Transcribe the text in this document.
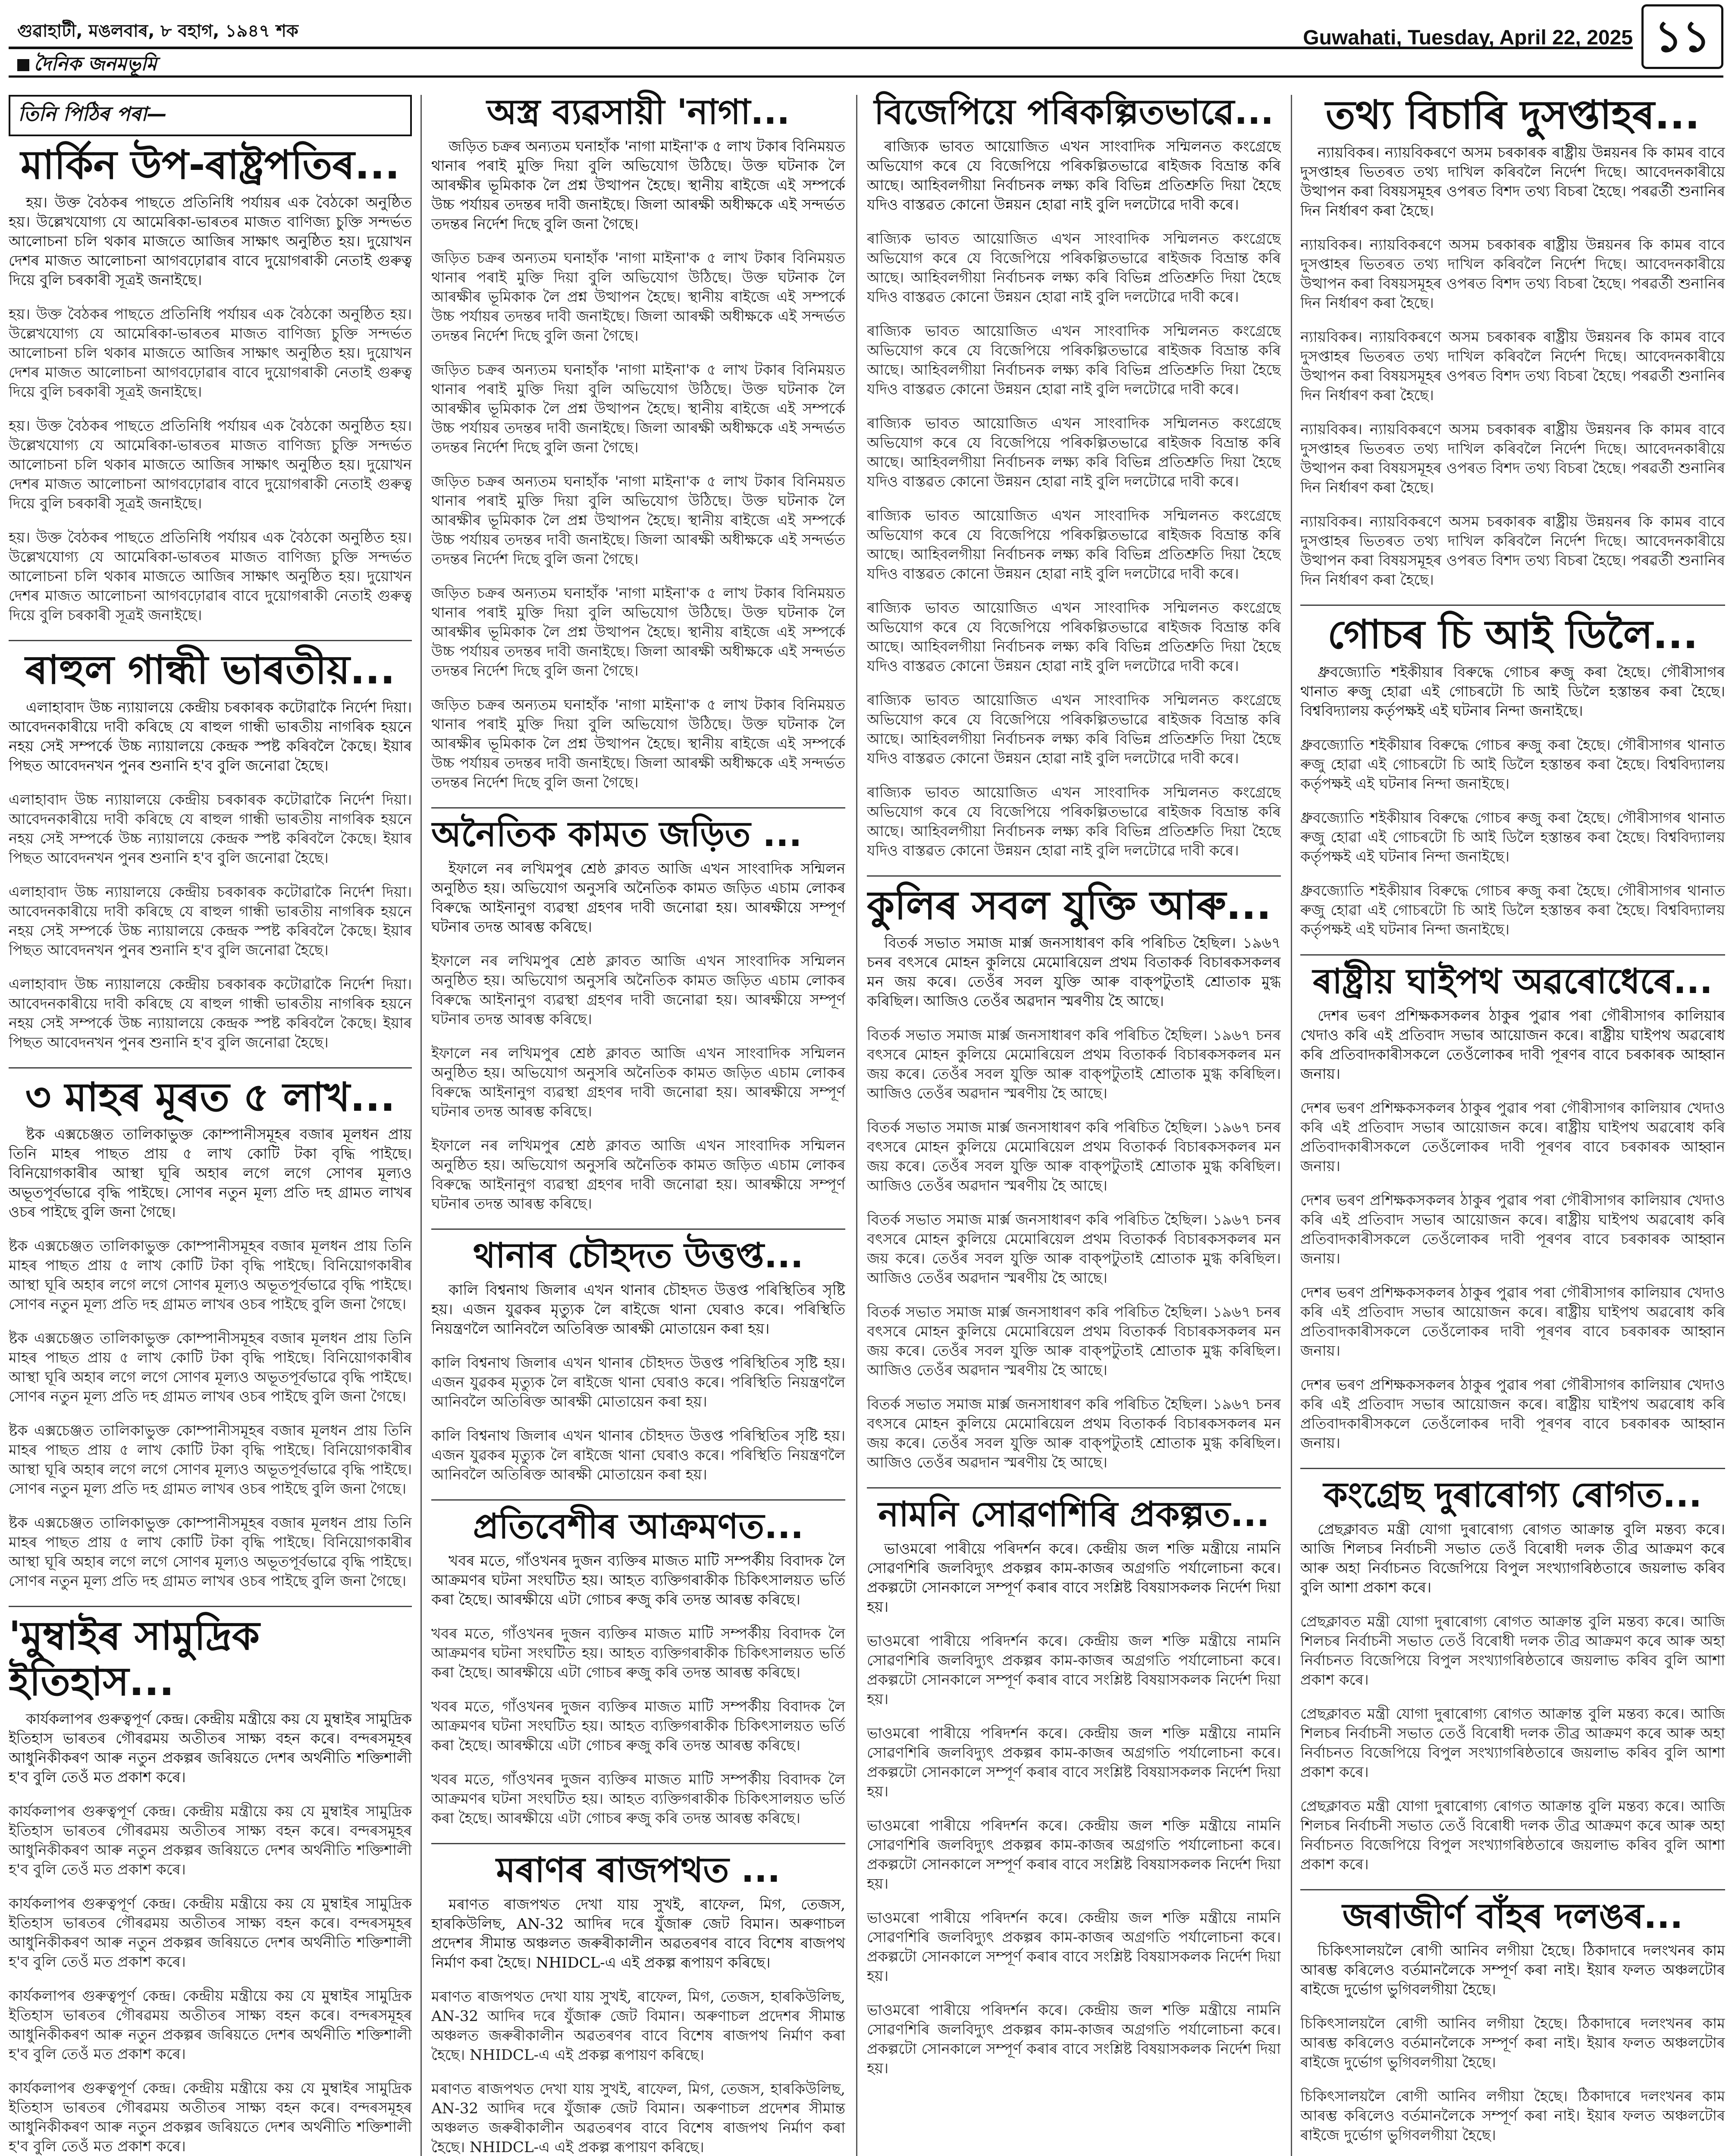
গুৱাহাটী, মঙলবাৰ, ৮ বহাগ, ১৯৪৭ শক	Guwahati, Tuesday, April 22, 2025 ১১
দৈনিক জনমভূমি
তিনি পিঠিৰ পৰা—
মাৰ্কিন উপ-ৰাষ্ট্ৰপতিৰ...

হয়। উক্ত বৈঠকৰ পাছতে প্ৰতিনিধি পৰ্যায়ৰ এক বৈঠকো অনুষ্ঠিত হয়। উল্লেখযোগ্য যে আমেৰিকা-ভাৰতৰ মাজত বাণিজ্য চুক্তি সন্দৰ্ভত আলোচনা চলি থকাৰ মাজতে আজিৰ সাক্ষাৎ অনুষ্ঠিত হয়। দুয়োখন দেশৰ মাজত আলোচনা আগবঢ়োৱাৰ বাবে দুয়োগৰাকী নেতাই গুৰুত্ব দিয়ে বুলি চৰকাৰী সূত্ৰই জনাইছে।

হয়। উক্ত বৈঠকৰ পাছতে প্ৰতিনিধি পৰ্যায়ৰ এক বৈঠকো অনুষ্ঠিত হয়। উল্লেখযোগ্য যে আমেৰিকা-ভাৰতৰ মাজত বাণিজ্য চুক্তি সন্দৰ্ভত আলোচনা চলি থকাৰ মাজতে আজিৰ সাক্ষাৎ অনুষ্ঠিত হয়। দুয়োখন দেশৰ মাজত আলোচনা আগবঢ়োৱাৰ বাবে দুয়োগৰাকী নেতাই গুৰুত্ব দিয়ে বুলি চৰকাৰী সূত্ৰই জনাইছে।

হয়। উক্ত বৈঠকৰ পাছতে প্ৰতিনিধি পৰ্যায়ৰ এক বৈঠকো অনুষ্ঠিত হয়। উল্লেখযোগ্য যে আমেৰিকা-ভাৰতৰ মাজত বাণিজ্য চুক্তি সন্দৰ্ভত আলোচনা চলি থকাৰ মাজতে আজিৰ সাক্ষাৎ অনুষ্ঠিত হয়। দুয়োখন দেশৰ মাজত আলোচনা আগবঢ়োৱাৰ বাবে দুয়োগৰাকী নেতাই গুৰুত্ব দিয়ে বুলি চৰকাৰী সূত্ৰই জনাইছে।

হয়। উক্ত বৈঠকৰ পাছতে প্ৰতিনিধি পৰ্যায়ৰ এক বৈঠকো অনুষ্ঠিত হয়। উল্লেখযোগ্য যে আমেৰিকা-ভাৰতৰ মাজত বাণিজ্য চুক্তি সন্দৰ্ভত আলোচনা চলি থকাৰ মাজতে আজিৰ সাক্ষাৎ অনুষ্ঠিত হয়। দুয়োখন দেশৰ মাজত আলোচনা আগবঢ়োৱাৰ বাবে দুয়োগৰাকী নেতাই গুৰুত্ব দিয়ে বুলি চৰকাৰী সূত্ৰই জনাইছে।

ৰাহুল গান্ধী ভাৰতীয়...

এলাহাবাদ উচ্চ ন্যায়ালয়ে কেন্দ্ৰীয় চৰকাৰক কটোৱাকৈ নিৰ্দেশ দিয়া। আবেদনকাৰীয়ে দাবী কৰিছে যে ৰাহুল গান্ধী ভাৰতীয় নাগৰিক হয়নে নহয় সেই সম্পৰ্কে উচ্চ ন্যায়ালয়ে কেন্দ্ৰক স্পষ্ট কৰিবলৈ কৈছে। ইয়াৰ পিছত আবেদনখন পুনৰ শুনানি হ'ব বুলি জনোৱা হৈছে।

এলাহাবাদ উচ্চ ন্যায়ালয়ে কেন্দ্ৰীয় চৰকাৰক কটোৱাকৈ নিৰ্দেশ দিয়া। আবেদনকাৰীয়ে দাবী কৰিছে যে ৰাহুল গান্ধী ভাৰতীয় নাগৰিক হয়নে নহয় সেই সম্পৰ্কে উচ্চ ন্যায়ালয়ে কেন্দ্ৰক স্পষ্ট কৰিবলৈ কৈছে। ইয়াৰ পিছত আবেদনখন পুনৰ শুনানি হ'ব বুলি জনোৱা হৈছে।

এলাহাবাদ উচ্চ ন্যায়ালয়ে কেন্দ্ৰীয় চৰকাৰক কটোৱাকৈ নিৰ্দেশ দিয়া। আবেদনকাৰীয়ে দাবী কৰিছে যে ৰাহুল গান্ধী ভাৰতীয় নাগৰিক হয়নে নহয় সেই সম্পৰ্কে উচ্চ ন্যায়ালয়ে কেন্দ্ৰক স্পষ্ট কৰিবলৈ কৈছে। ইয়াৰ পিছত আবেদনখন পুনৰ শুনানি হ'ব বুলি জনোৱা হৈছে।

এলাহাবাদ উচ্চ ন্যায়ালয়ে কেন্দ্ৰীয় চৰকাৰক কটোৱাকৈ নিৰ্দেশ দিয়া। আবেদনকাৰীয়ে দাবী কৰিছে যে ৰাহুল গান্ধী ভাৰতীয় নাগৰিক হয়নে নহয় সেই সম্পৰ্কে উচ্চ ন্যায়ালয়ে কেন্দ্ৰক স্পষ্ট কৰিবলৈ কৈছে। ইয়াৰ পিছত আবেদনখন পুনৰ শুনানি হ'ব বুলি জনোৱা হৈছে।

৩ মাহৰ মূৰত ৫ লাখ...

ষ্টক এক্সচেঞ্জত তালিকাভুক্ত কোম্পানীসমূহৰ বজাৰ মূলধন প্ৰায় তিনি মাহৰ পাছত প্ৰায় ৫ লাখ কোটি টকা বৃদ্ধি পাইছে। বিনিয়োগকাৰীৰ আস্থা ঘূৰি অহাৰ লগে লগে সোণৰ মূল্যও অভূতপূৰ্বভাৱে বৃদ্ধি পাইছে। সোণৰ নতুন মূল্য প্ৰতি দহ গ্ৰামত লাখৰ ওচৰ পাইছে বুলি জনা গৈছে।

ষ্টক এক্সচেঞ্জত তালিকাভুক্ত কোম্পানীসমূহৰ বজাৰ মূলধন প্ৰায় তিনি মাহৰ পাছত প্ৰায় ৫ লাখ কোটি টকা বৃদ্ধি পাইছে। বিনিয়োগকাৰীৰ আস্থা ঘূৰি অহাৰ লগে লগে সোণৰ মূল্যও অভূতপূৰ্বভাৱে বৃদ্ধি পাইছে। সোণৰ নতুন মূল্য প্ৰতি দহ গ্ৰামত লাখৰ ওচৰ পাইছে বুলি জনা গৈছে।

ষ্টক এক্সচেঞ্জত তালিকাভুক্ত কোম্পানীসমূহৰ বজাৰ মূলধন প্ৰায় তিনি মাহৰ পাছত প্ৰায় ৫ লাখ কোটি টকা বৃদ্ধি পাইছে। বিনিয়োগকাৰীৰ আস্থা ঘূৰি অহাৰ লগে লগে সোণৰ মূল্যও অভূতপূৰ্বভাৱে বৃদ্ধি পাইছে। সোণৰ নতুন মূল্য প্ৰতি দহ গ্ৰামত লাখৰ ওচৰ পাইছে বুলি জনা গৈছে।

ষ্টক এক্সচেঞ্জত তালিকাভুক্ত কোম্পানীসমূহৰ বজাৰ মূলধন প্ৰায় তিনি মাহৰ পাছত প্ৰায় ৫ লাখ কোটি টকা বৃদ্ধি পাইছে। বিনিয়োগকাৰীৰ আস্থা ঘূৰি অহাৰ লগে লগে সোণৰ মূল্যও অভূতপূৰ্বভাৱে বৃদ্ধি পাইছে। সোণৰ নতুন মূল্য প্ৰতি দহ গ্ৰামত লাখৰ ওচৰ পাইছে বুলি জনা গৈছে।

ষ্টক এক্সচেঞ্জত তালিকাভুক্ত কোম্পানীসমূহৰ বজাৰ মূলধন প্ৰায় তিনি মাহৰ পাছত প্ৰায় ৫ লাখ কোটি টকা বৃদ্ধি পাইছে। বিনিয়োগকাৰীৰ আস্থা ঘূৰি অহাৰ লগে লগে সোণৰ মূল্যও অভূতপূৰ্বভাৱে বৃদ্ধি পাইছে। সোণৰ নতুন মূল্য প্ৰতি দহ গ্ৰামত লাখৰ ওচৰ পাইছে বুলি জনা গৈছে।

'মুম্বাইৰ সামুদ্ৰিক ইতিহাস...

কাৰ্যকলাপৰ গুৰুত্বপূৰ্ণ কেন্দ্ৰ। কেন্দ্ৰীয় মন্ত্ৰীয়ে কয় যে মুম্বাইৰ সামুদ্ৰিক ইতিহাস ভাৰতৰ গৌৰৱময় অতীতৰ সাক্ষ্য বহন কৰে। বন্দৰসমূহৰ আধুনিকীকৰণ আৰু নতুন প্ৰকল্পৰ জৰিয়তে দেশৰ অৰ্থনীতি শক্তিশালী হ'ব বুলি তেওঁ মত প্ৰকাশ কৰে।

কাৰ্যকলাপৰ গুৰুত্বপূৰ্ণ কেন্দ্ৰ। কেন্দ্ৰীয় মন্ত্ৰীয়ে কয় যে মুম্বাইৰ সামুদ্ৰিক ইতিহাস ভাৰতৰ গৌৰৱময় অতীতৰ সাক্ষ্য বহন কৰে। বন্দৰসমূহৰ আধুনিকীকৰণ আৰু নতুন প্ৰকল্পৰ জৰিয়তে দেশৰ অৰ্থনীতি শক্তিশালী হ'ব বুলি তেওঁ মত প্ৰকাশ কৰে।

কাৰ্যকলাপৰ গুৰুত্বপূৰ্ণ কেন্দ্ৰ। কেন্দ্ৰীয় মন্ত্ৰীয়ে কয় যে মুম্বাইৰ সামুদ্ৰিক ইতিহাস ভাৰতৰ গৌৰৱময় অতীতৰ সাক্ষ্য বহন কৰে। বন্দৰসমূহৰ আধুনিকীকৰণ আৰু নতুন প্ৰকল্পৰ জৰিয়তে দেশৰ অৰ্থনীতি শক্তিশালী হ'ব বুলি তেওঁ মত প্ৰকাশ কৰে।

কাৰ্যকলাপৰ গুৰুত্বপূৰ্ণ কেন্দ্ৰ। কেন্দ্ৰীয় মন্ত্ৰীয়ে কয় যে মুম্বাইৰ সামুদ্ৰিক ইতিহাস ভাৰতৰ গৌৰৱময় অতীতৰ সাক্ষ্য বহন কৰে। বন্দৰসমূহৰ আধুনিকীকৰণ আৰু নতুন প্ৰকল্পৰ জৰিয়তে দেশৰ অৰ্থনীতি শক্তিশালী হ'ব বুলি তেওঁ মত প্ৰকাশ কৰে।

কাৰ্যকলাপৰ গুৰুত্বপূৰ্ণ কেন্দ্ৰ। কেন্দ্ৰীয় মন্ত্ৰীয়ে কয় যে মুম্বাইৰ সামুদ্ৰিক ইতিহাস ভাৰতৰ গৌৰৱময় অতীতৰ সাক্ষ্য বহন কৰে। বন্দৰসমূহৰ আধুনিকীকৰণ আৰু নতুন প্ৰকল্পৰ জৰিয়তে দেশৰ অৰ্থনীতি শক্তিশালী হ'ব বুলি তেওঁ মত প্ৰকাশ কৰে।

অস্ত্ৰ ব্যৱসায়ী 'নাগা...

জড়িত চক্ৰৰ অন্যতম ঘনাহাঁক 'নাগা মাইনা'ক ৫ লাখ টকাৰ বিনিময়ত থানাৰ পৰাই মুক্তি দিয়া বুলি অভিযোগ উঠিছে। উক্ত ঘটনাক লৈ আৰক্ষীৰ ভূমিকাক লৈ প্ৰশ্ন উত্থাপন হৈছে। স্থানীয় ৰাইজে এই সম্পৰ্কে উচ্চ পৰ্যায়ৰ তদন্তৰ দাবী জনাইছে। জিলা আৰক্ষী অধীক্ষকে এই সন্দৰ্ভত তদন্তৰ নিৰ্দেশ দিছে বুলি জনা গৈছে।

জড়িত চক্ৰৰ অন্যতম ঘনাহাঁক 'নাগা মাইনা'ক ৫ লাখ টকাৰ বিনিময়ত থানাৰ পৰাই মুক্তি দিয়া বুলি অভিযোগ উঠিছে। উক্ত ঘটনাক লৈ আৰক্ষীৰ ভূমিকাক লৈ প্ৰশ্ন উত্থাপন হৈছে। স্থানীয় ৰাইজে এই সম্পৰ্কে উচ্চ পৰ্যায়ৰ তদন্তৰ দাবী জনাইছে। জিলা আৰক্ষী অধীক্ষকে এই সন্দৰ্ভত তদন্তৰ নিৰ্দেশ দিছে বুলি জনা গৈছে।

জড়িত চক্ৰৰ অন্যতম ঘনাহাঁক 'নাগা মাইনা'ক ৫ লাখ টকাৰ বিনিময়ত থানাৰ পৰাই মুক্তি দিয়া বুলি অভিযোগ উঠিছে। উক্ত ঘটনাক লৈ আৰক্ষীৰ ভূমিকাক লৈ প্ৰশ্ন উত্থাপন হৈছে। স্থানীয় ৰাইজে এই সম্পৰ্কে উচ্চ পৰ্যায়ৰ তদন্তৰ দাবী জনাইছে। জিলা আৰক্ষী অধীক্ষকে এই সন্দৰ্ভত তদন্তৰ নিৰ্দেশ দিছে বুলি জনা গৈছে।

জড়িত চক্ৰৰ অন্যতম ঘনাহাঁক 'নাগা মাইনা'ক ৫ লাখ টকাৰ বিনিময়ত থানাৰ পৰাই মুক্তি দিয়া বুলি অভিযোগ উঠিছে। উক্ত ঘটনাক লৈ আৰক্ষীৰ ভূমিকাক লৈ প্ৰশ্ন উত্থাপন হৈছে। স্থানীয় ৰাইজে এই সম্পৰ্কে উচ্চ পৰ্যায়ৰ তদন্তৰ দাবী জনাইছে। জিলা আৰক্ষী অধীক্ষকে এই সন্দৰ্ভত তদন্তৰ নিৰ্দেশ দিছে বুলি জনা গৈছে।

জড়িত চক্ৰৰ অন্যতম ঘনাহাঁক 'নাগা মাইনা'ক ৫ লাখ টকাৰ বিনিময়ত থানাৰ পৰাই মুক্তি দিয়া বুলি অভিযোগ উঠিছে। উক্ত ঘটনাক লৈ আৰক্ষীৰ ভূমিকাক লৈ প্ৰশ্ন উত্থাপন হৈছে। স্থানীয় ৰাইজে এই সম্পৰ্কে উচ্চ পৰ্যায়ৰ তদন্তৰ দাবী জনাইছে। জিলা আৰক্ষী অধীক্ষকে এই সন্দৰ্ভত তদন্তৰ নিৰ্দেশ দিছে বুলি জনা গৈছে।

জড়িত চক্ৰৰ অন্যতম ঘনাহাঁক 'নাগা মাইনা'ক ৫ লাখ টকাৰ বিনিময়ত থানাৰ পৰাই মুক্তি দিয়া বুলি অভিযোগ উঠিছে। উক্ত ঘটনাক লৈ আৰক্ষীৰ ভূমিকাক লৈ প্ৰশ্ন উত্থাপন হৈছে। স্থানীয় ৰাইজে এই সম্পৰ্কে উচ্চ পৰ্যায়ৰ তদন্তৰ দাবী জনাইছে। জিলা আৰক্ষী অধীক্ষকে এই সন্দৰ্ভত তদন্তৰ নিৰ্দেশ দিছে বুলি জনা গৈছে।

অনৈতিক কামত জড়িত ...

ইফালে নৰ লখিমপুৰ শ্ৰেষ্ঠ ক্লাবত আজি এখন সাংবাদিক সন্মিলন অনুষ্ঠিত হয়। অভিযোগ অনুসৰি অনৈতিক কামত জড়িত এচাম লোকৰ বিৰুদ্ধে আইনানুগ ব্যৱস্থা গ্ৰহণৰ দাবী জনোৱা হয়। আৰক্ষীয়ে সম্পূৰ্ণ ঘটনাৰ তদন্ত আৰম্ভ কৰিছে।

ইফালে নৰ লখিমপুৰ শ্ৰেষ্ঠ ক্লাবত আজি এখন সাংবাদিক সন্মিলন অনুষ্ঠিত হয়। অভিযোগ অনুসৰি অনৈতিক কামত জড়িত এচাম লোকৰ বিৰুদ্ধে আইনানুগ ব্যৱস্থা গ্ৰহণৰ দাবী জনোৱা হয়। আৰক্ষীয়ে সম্পূৰ্ণ ঘটনাৰ তদন্ত আৰম্ভ কৰিছে।

ইফালে নৰ লখিমপুৰ শ্ৰেষ্ঠ ক্লাবত আজি এখন সাংবাদিক সন্মিলন অনুষ্ঠিত হয়। অভিযোগ অনুসৰি অনৈতিক কামত জড়িত এচাম লোকৰ বিৰুদ্ধে আইনানুগ ব্যৱস্থা গ্ৰহণৰ দাবী জনোৱা হয়। আৰক্ষীয়ে সম্পূৰ্ণ ঘটনাৰ তদন্ত আৰম্ভ কৰিছে।

ইফালে নৰ লখিমপুৰ শ্ৰেষ্ঠ ক্লাবত আজি এখন সাংবাদিক সন্মিলন অনুষ্ঠিত হয়। অভিযোগ অনুসৰি অনৈতিক কামত জড়িত এচাম লোকৰ বিৰুদ্ধে আইনানুগ ব্যৱস্থা গ্ৰহণৰ দাবী জনোৱা হয়। আৰক্ষীয়ে সম্পূৰ্ণ ঘটনাৰ তদন্ত আৰম্ভ কৰিছে।

থানাৰ চৌহদত উত্তপ্ত...

কালি বিশ্বনাথ জিলাৰ এখন থানাৰ চৌহদত উত্তপ্ত পৰিস্থিতিৰ সৃষ্টি হয়। এজন যুৱকৰ মৃত্যুক লৈ ৰাইজে থানা ঘেৰাও কৰে। পৰিস্থিতি নিয়ন্ত্ৰণলৈ আনিবলৈ অতিৰিক্ত আৰক্ষী মোতায়েন কৰা হয়।

কালি বিশ্বনাথ জিলাৰ এখন থানাৰ চৌহদত উত্তপ্ত পৰিস্থিতিৰ সৃষ্টি হয়। এজন যুৱকৰ মৃত্যুক লৈ ৰাইজে থানা ঘেৰাও কৰে। পৰিস্থিতি নিয়ন্ত্ৰণলৈ আনিবলৈ অতিৰিক্ত আৰক্ষী মোতায়েন কৰা হয়।

কালি বিশ্বনাথ জিলাৰ এখন থানাৰ চৌহদত উত্তপ্ত পৰিস্থিতিৰ সৃষ্টি হয়। এজন যুৱকৰ মৃত্যুক লৈ ৰাইজে থানা ঘেৰাও কৰে। পৰিস্থিতি নিয়ন্ত্ৰণলৈ আনিবলৈ অতিৰিক্ত আৰক্ষী মোতায়েন কৰা হয়।

প্ৰতিবেশীৰ আক্ৰমণত...

খবৰ মতে, গাঁওখনৰ দুজন ব্যক্তিৰ মাজত মাটি সম্পৰ্কীয় বিবাদক লৈ আক্ৰমণৰ ঘটনা সংঘটিত হয়। আহত ব্যক্তিগৰাকীক চিকিৎসালয়ত ভৰ্তি কৰা হৈছে। আৰক্ষীয়ে এটা গোচৰ ৰুজু কৰি তদন্ত আৰম্ভ কৰিছে।

খবৰ মতে, গাঁওখনৰ দুজন ব্যক্তিৰ মাজত মাটি সম্পৰ্কীয় বিবাদক লৈ আক্ৰমণৰ ঘটনা সংঘটিত হয়। আহত ব্যক্তিগৰাকীক চিকিৎসালয়ত ভৰ্তি কৰা হৈছে। আৰক্ষীয়ে এটা গোচৰ ৰুজু কৰি তদন্ত আৰম্ভ কৰিছে।

খবৰ মতে, গাঁওখনৰ দুজন ব্যক্তিৰ মাজত মাটি সম্পৰ্কীয় বিবাদক লৈ আক্ৰমণৰ ঘটনা সংঘটিত হয়। আহত ব্যক্তিগৰাকীক চিকিৎসালয়ত ভৰ্তি কৰা হৈছে। আৰক্ষীয়ে এটা গোচৰ ৰুজু কৰি তদন্ত আৰম্ভ কৰিছে।

খবৰ মতে, গাঁওখনৰ দুজন ব্যক্তিৰ মাজত মাটি সম্পৰ্কীয় বিবাদক লৈ আক্ৰমণৰ ঘটনা সংঘটিত হয়। আহত ব্যক্তিগৰাকীক চিকিৎসালয়ত ভৰ্তি কৰা হৈছে। আৰক্ষীয়ে এটা গোচৰ ৰুজু কৰি তদন্ত আৰম্ভ কৰিছে।

মৰাণৰ ৰাজপথত ...

মৰাণত ৰাজপথত দেখা যায় সুখই, ৰাফেল, মিগ, তেজস, হাৰকিউলিছ, AN-32 আদিৰ দৰে যুঁজাৰু জেট বিমান। অৰুণাচল প্ৰদেশৰ সীমান্ত অঞ্চলত জৰুৰীকালীন অৱতৰণৰ বাবে বিশেষ ৰাজপথ নিৰ্মাণ কৰা হৈছে। NHIDCL-এ এই প্ৰকল্প ৰূপায়ণ কৰিছে।

মৰাণত ৰাজপথত দেখা যায় সুখই, ৰাফেল, মিগ, তেজস, হাৰকিউলিছ, AN-32 আদিৰ দৰে যুঁজাৰু জেট বিমান। অৰুণাচল প্ৰদেশৰ সীমান্ত অঞ্চলত জৰুৰীকালীন অৱতৰণৰ বাবে বিশেষ ৰাজপথ নিৰ্মাণ কৰা হৈছে। NHIDCL-এ এই প্ৰকল্প ৰূপায়ণ কৰিছে।

মৰাণত ৰাজপথত দেখা যায় সুখই, ৰাফেল, মিগ, তেজস, হাৰকিউলিছ, AN-32 আদিৰ দৰে যুঁজাৰু জেট বিমান। অৰুণাচল প্ৰদেশৰ সীমান্ত অঞ্চলত জৰুৰীকালীন অৱতৰণৰ বাবে বিশেষ ৰাজপথ নিৰ্মাণ কৰা হৈছে। NHIDCL-এ এই প্ৰকল্প ৰূপায়ণ কৰিছে।

বিজেপিয়ে পৰিকল্পিতভাৱে...

ৰাজ্যিক ভাবত আয়োজিত এখন সাংবাদিক সন্মিলনত কংগ্ৰেছে অভিযোগ কৰে যে বিজেপিয়ে পৰিকল্পিতভাৱে ৰাইজক বিভ্ৰান্ত কৰি আছে। আহিবলগীয়া নিৰ্বাচনক লক্ষ্য কৰি বিভিন্ন প্ৰতিশ্ৰুতি দিয়া হৈছে যদিও বাস্তৱত কোনো উন্নয়ন হোৱা নাই বুলি দলটোৱে দাবী কৰে।

ৰাজ্যিক ভাবত আয়োজিত এখন সাংবাদিক সন্মিলনত কংগ্ৰেছে অভিযোগ কৰে যে বিজেপিয়ে পৰিকল্পিতভাৱে ৰাইজক বিভ্ৰান্ত কৰি আছে। আহিবলগীয়া নিৰ্বাচনক লক্ষ্য কৰি বিভিন্ন প্ৰতিশ্ৰুতি দিয়া হৈছে যদিও বাস্তৱত কোনো উন্নয়ন হোৱা নাই বুলি দলটোৱে দাবী কৰে।

ৰাজ্যিক ভাবত আয়োজিত এখন সাংবাদিক সন্মিলনত কংগ্ৰেছে অভিযোগ কৰে যে বিজেপিয়ে পৰিকল্পিতভাৱে ৰাইজক বিভ্ৰান্ত কৰি আছে। আহিবলগীয়া নিৰ্বাচনক লক্ষ্য কৰি বিভিন্ন প্ৰতিশ্ৰুতি দিয়া হৈছে যদিও বাস্তৱত কোনো উন্নয়ন হোৱা নাই বুলি দলটোৱে দাবী কৰে।

ৰাজ্যিক ভাবত আয়োজিত এখন সাংবাদিক সন্মিলনত কংগ্ৰেছে অভিযোগ কৰে যে বিজেপিয়ে পৰিকল্পিতভাৱে ৰাইজক বিভ্ৰান্ত কৰি আছে। আহিবলগীয়া নিৰ্বাচনক লক্ষ্য কৰি বিভিন্ন প্ৰতিশ্ৰুতি দিয়া হৈছে যদিও বাস্তৱত কোনো উন্নয়ন হোৱা নাই বুলি দলটোৱে দাবী কৰে।

ৰাজ্যিক ভাবত আয়োজিত এখন সাংবাদিক সন্মিলনত কংগ্ৰেছে অভিযোগ কৰে যে বিজেপিয়ে পৰিকল্পিতভাৱে ৰাইজক বিভ্ৰান্ত কৰি আছে। আহিবলগীয়া নিৰ্বাচনক লক্ষ্য কৰি বিভিন্ন প্ৰতিশ্ৰুতি দিয়া হৈছে যদিও বাস্তৱত কোনো উন্নয়ন হোৱা নাই বুলি দলটোৱে দাবী কৰে।

ৰাজ্যিক ভাবত আয়োজিত এখন সাংবাদিক সন্মিলনত কংগ্ৰেছে অভিযোগ কৰে যে বিজেপিয়ে পৰিকল্পিতভাৱে ৰাইজক বিভ্ৰান্ত কৰি আছে। আহিবলগীয়া নিৰ্বাচনক লক্ষ্য কৰি বিভিন্ন প্ৰতিশ্ৰুতি দিয়া হৈছে যদিও বাস্তৱত কোনো উন্নয়ন হোৱা নাই বুলি দলটোৱে দাবী কৰে।

ৰাজ্যিক ভাবত আয়োজিত এখন সাংবাদিক সন্মিলনত কংগ্ৰেছে অভিযোগ কৰে যে বিজেপিয়ে পৰিকল্পিতভাৱে ৰাইজক বিভ্ৰান্ত কৰি আছে। আহিবলগীয়া নিৰ্বাচনক লক্ষ্য কৰি বিভিন্ন প্ৰতিশ্ৰুতি দিয়া হৈছে যদিও বাস্তৱত কোনো উন্নয়ন হোৱা নাই বুলি দলটোৱে দাবী কৰে।

ৰাজ্যিক ভাবত আয়োজিত এখন সাংবাদিক সন্মিলনত কংগ্ৰেছে অভিযোগ কৰে যে বিজেপিয়ে পৰিকল্পিতভাৱে ৰাইজক বিভ্ৰান্ত কৰি আছে। আহিবলগীয়া নিৰ্বাচনক লক্ষ্য কৰি বিভিন্ন প্ৰতিশ্ৰুতি দিয়া হৈছে যদিও বাস্তৱত কোনো উন্নয়ন হোৱা নাই বুলি দলটোৱে দাবী কৰে।

কুলিৰ সবল যুক্তি আৰু...

বিতৰ্ক সভাত সমাজ মাৰ্ক্স জনসাধাৰণ কৰি পৰিচিত হৈছিল। ১৯৬৭ চনৰ বৎসৰে মোহন কুলিয়ে মেমোৰিয়েল প্ৰথম বিতাকৰ্ক বিচাৰকসকলৰ মন জয় কৰে। তেওঁৰ সবল যুক্তি আৰু বাক্‌পটুতাই শ্ৰোতাক মুগ্ধ কৰিছিল। আজিও তেওঁৰ অৱদান স্মৰণীয় হৈ আছে।

বিতৰ্ক সভাত সমাজ মাৰ্ক্স জনসাধাৰণ কৰি পৰিচিত হৈছিল। ১৯৬৭ চনৰ বৎসৰে মোহন কুলিয়ে মেমোৰিয়েল প্ৰথম বিতাকৰ্ক বিচাৰকসকলৰ মন জয় কৰে। তেওঁৰ সবল যুক্তি আৰু বাক্‌পটুতাই শ্ৰোতাক মুগ্ধ কৰিছিল। আজিও তেওঁৰ অৱদান স্মৰণীয় হৈ আছে।

বিতৰ্ক সভাত সমাজ মাৰ্ক্স জনসাধাৰণ কৰি পৰিচিত হৈছিল। ১৯৬৭ চনৰ বৎসৰে মোহন কুলিয়ে মেমোৰিয়েল প্ৰথম বিতাকৰ্ক বিচাৰকসকলৰ মন জয় কৰে। তেওঁৰ সবল যুক্তি আৰু বাক্‌পটুতাই শ্ৰোতাক মুগ্ধ কৰিছিল। আজিও তেওঁৰ অৱদান স্মৰণীয় হৈ আছে।

বিতৰ্ক সভাত সমাজ মাৰ্ক্স জনসাধাৰণ কৰি পৰিচিত হৈছিল। ১৯৬৭ চনৰ বৎসৰে মোহন কুলিয়ে মেমোৰিয়েল প্ৰথম বিতাকৰ্ক বিচাৰকসকলৰ মন জয় কৰে। তেওঁৰ সবল যুক্তি আৰু বাক্‌পটুতাই শ্ৰোতাক মুগ্ধ কৰিছিল। আজিও তেওঁৰ অৱদান স্মৰণীয় হৈ আছে।

বিতৰ্ক সভাত সমাজ মাৰ্ক্স জনসাধাৰণ কৰি পৰিচিত হৈছিল। ১৯৬৭ চনৰ বৎসৰে মোহন কুলিয়ে মেমোৰিয়েল প্ৰথম বিতাকৰ্ক বিচাৰকসকলৰ মন জয় কৰে। তেওঁৰ সবল যুক্তি আৰু বাক্‌পটুতাই শ্ৰোতাক মুগ্ধ কৰিছিল। আজিও তেওঁৰ অৱদান স্মৰণীয় হৈ আছে।

বিতৰ্ক সভাত সমাজ মাৰ্ক্স জনসাধাৰণ কৰি পৰিচিত হৈছিল। ১৯৬৭ চনৰ বৎসৰে মোহন কুলিয়ে মেমোৰিয়েল প্ৰথম বিতাকৰ্ক বিচাৰকসকলৰ মন জয় কৰে। তেওঁৰ সবল যুক্তি আৰু বাক্‌পটুতাই শ্ৰোতাক মুগ্ধ কৰিছিল। আজিও তেওঁৰ অৱদান স্মৰণীয় হৈ আছে।

নামনি সোৱণশিৰি প্ৰকল্পত...

ভাওমৰো পাৰীয়ে পৰিদৰ্শন কৰে। কেন্দ্ৰীয় জল শক্তি মন্ত্ৰীয়ে নামনি সোৱণশিৰি জলবিদ্যুৎ প্ৰকল্পৰ কাম-কাজৰ অগ্ৰগতি পৰ্যালোচনা কৰে। প্ৰকল্পটো সোনকালে সম্পূৰ্ণ কৰাৰ বাবে সংশ্লিষ্ট বিষয়াসকলক নিৰ্দেশ দিয়া হয়।

ভাওমৰো পাৰীয়ে পৰিদৰ্শন কৰে। কেন্দ্ৰীয় জল শক্তি মন্ত্ৰীয়ে নামনি সোৱণশিৰি জলবিদ্যুৎ প্ৰকল্পৰ কাম-কাজৰ অগ্ৰগতি পৰ্যালোচনা কৰে। প্ৰকল্পটো সোনকালে সম্পূৰ্ণ কৰাৰ বাবে সংশ্লিষ্ট বিষয়াসকলক নিৰ্দেশ দিয়া হয়।

ভাওমৰো পাৰীয়ে পৰিদৰ্শন কৰে। কেন্দ্ৰীয় জল শক্তি মন্ত্ৰীয়ে নামনি সোৱণশিৰি জলবিদ্যুৎ প্ৰকল্পৰ কাম-কাজৰ অগ্ৰগতি পৰ্যালোচনা কৰে। প্ৰকল্পটো সোনকালে সম্পূৰ্ণ কৰাৰ বাবে সংশ্লিষ্ট বিষয়াসকলক নিৰ্দেশ দিয়া হয়।

ভাওমৰো পাৰীয়ে পৰিদৰ্শন কৰে। কেন্দ্ৰীয় জল শক্তি মন্ত্ৰীয়ে নামনি সোৱণশিৰি জলবিদ্যুৎ প্ৰকল্পৰ কাম-কাজৰ অগ্ৰগতি পৰ্যালোচনা কৰে। প্ৰকল্পটো সোনকালে সম্পূৰ্ণ কৰাৰ বাবে সংশ্লিষ্ট বিষয়াসকলক নিৰ্দেশ দিয়া হয়।

ভাওমৰো পাৰীয়ে পৰিদৰ্শন কৰে। কেন্দ্ৰীয় জল শক্তি মন্ত্ৰীয়ে নামনি সোৱণশিৰি জলবিদ্যুৎ প্ৰকল্পৰ কাম-কাজৰ অগ্ৰগতি পৰ্যালোচনা কৰে। প্ৰকল্পটো সোনকালে সম্পূৰ্ণ কৰাৰ বাবে সংশ্লিষ্ট বিষয়াসকলক নিৰ্দেশ দিয়া হয়।

ভাওমৰো পাৰীয়ে পৰিদৰ্শন কৰে। কেন্দ্ৰীয় জল শক্তি মন্ত্ৰীয়ে নামনি সোৱণশিৰি জলবিদ্যুৎ প্ৰকল্পৰ কাম-কাজৰ অগ্ৰগতি পৰ্যালোচনা কৰে। প্ৰকল্পটো সোনকালে সম্পূৰ্ণ কৰাৰ বাবে সংশ্লিষ্ট বিষয়াসকলক নিৰ্দেশ দিয়া হয়।

তথ্য বিচাৰি দুসপ্তাহৰ...

ন্যায়বিকৰ। ন্যায়বিকৰণে অসম চৰকাৰক ৰাষ্ট্ৰীয় উন্নয়নৰ কি কামৰ বাবে দুসপ্তাহৰ ভিতৰত তথ্য দাখিল কৰিবলৈ নিৰ্দেশ দিছে। আবেদনকাৰীয়ে উত্থাপন কৰা বিষয়সমূহৰ ওপৰত বিশদ তথ্য বিচৰা হৈছে। পৰৱৰ্তী শুনানিৰ দিন নিৰ্ধাৰণ কৰা হৈছে।

ন্যায়বিকৰ। ন্যায়বিকৰণে অসম চৰকাৰক ৰাষ্ট্ৰীয় উন্নয়নৰ কি কামৰ বাবে দুসপ্তাহৰ ভিতৰত তথ্য দাখিল কৰিবলৈ নিৰ্দেশ দিছে। আবেদনকাৰীয়ে উত্থাপন কৰা বিষয়সমূহৰ ওপৰত বিশদ তথ্য বিচৰা হৈছে। পৰৱৰ্তী শুনানিৰ দিন নিৰ্ধাৰণ কৰা হৈছে।

ন্যায়বিকৰ। ন্যায়বিকৰণে অসম চৰকাৰক ৰাষ্ট্ৰীয় উন্নয়নৰ কি কামৰ বাবে দুসপ্তাহৰ ভিতৰত তথ্য দাখিল কৰিবলৈ নিৰ্দেশ দিছে। আবেদনকাৰীয়ে উত্থাপন কৰা বিষয়সমূহৰ ওপৰত বিশদ তথ্য বিচৰা হৈছে। পৰৱৰ্তী শুনানিৰ দিন নিৰ্ধাৰণ কৰা হৈছে।

ন্যায়বিকৰ। ন্যায়বিকৰণে অসম চৰকাৰক ৰাষ্ট্ৰীয় উন্নয়নৰ কি কামৰ বাবে দুসপ্তাহৰ ভিতৰত তথ্য দাখিল কৰিবলৈ নিৰ্দেশ দিছে। আবেদনকাৰীয়ে উত্থাপন কৰা বিষয়সমূহৰ ওপৰত বিশদ তথ্য বিচৰা হৈছে। পৰৱৰ্তী শুনানিৰ দিন নিৰ্ধাৰণ কৰা হৈছে।

ন্যায়বিকৰ। ন্যায়বিকৰণে অসম চৰকাৰক ৰাষ্ট্ৰীয় উন্নয়নৰ কি কামৰ বাবে দুসপ্তাহৰ ভিতৰত তথ্য দাখিল কৰিবলৈ নিৰ্দেশ দিছে। আবেদনকাৰীয়ে উত্থাপন কৰা বিষয়সমূহৰ ওপৰত বিশদ তথ্য বিচৰা হৈছে। পৰৱৰ্তী শুনানিৰ দিন নিৰ্ধাৰণ কৰা হৈছে।

গোচৰ চি আই ডিলৈ...

ধ্ৰুবজ্যোতি শইকীয়াৰ বিৰুদ্ধে গোচৰ ৰুজু কৰা হৈছে। গৌৰীসাগৰ থানাত ৰুজু হোৱা এই গোচৰটো চি আই ডিলৈ হস্তান্তৰ কৰা হৈছে। বিশ্ববিদ্যালয় কৰ্তৃপক্ষই এই ঘটনাৰ নিন্দা জনাইছে।

ধ্ৰুবজ্যোতি শইকীয়াৰ বিৰুদ্ধে গোচৰ ৰুজু কৰা হৈছে। গৌৰীসাগৰ থানাত ৰুজু হোৱা এই গোচৰটো চি আই ডিলৈ হস্তান্তৰ কৰা হৈছে। বিশ্ববিদ্যালয় কৰ্তৃপক্ষই এই ঘটনাৰ নিন্দা জনাইছে।

ধ্ৰুবজ্যোতি শইকীয়াৰ বিৰুদ্ধে গোচৰ ৰুজু কৰা হৈছে। গৌৰীসাগৰ থানাত ৰুজু হোৱা এই গোচৰটো চি আই ডিলৈ হস্তান্তৰ কৰা হৈছে। বিশ্ববিদ্যালয় কৰ্তৃপক্ষই এই ঘটনাৰ নিন্দা জনাইছে।

ধ্ৰুবজ্যোতি শইকীয়াৰ বিৰুদ্ধে গোচৰ ৰুজু কৰা হৈছে। গৌৰীসাগৰ থানাত ৰুজু হোৱা এই গোচৰটো চি আই ডিলৈ হস্তান্তৰ কৰা হৈছে। বিশ্ববিদ্যালয় কৰ্তৃপক্ষই এই ঘটনাৰ নিন্দা জনাইছে।

ৰাষ্ট্ৰীয় ঘাইপথ অৱৰোধেৰে...

দেশৰ ভৰণ প্ৰশিক্ষকসকলৰ ঠাকুৰ পুৱাৰ পৰা গৌৰীসাগৰ কালিয়াৰ খেদাও কৰি এই প্ৰতিবাদ সভাৰ আয়োজন কৰে। ৰাষ্ট্ৰীয় ঘাইপথ অৱৰোধ কৰি প্ৰতিবাদকাৰীসকলে তেওঁলোকৰ দাবী পূৰণৰ বাবে চৰকাৰক আহ্বান জনায়।

দেশৰ ভৰণ প্ৰশিক্ষকসকলৰ ঠাকুৰ পুৱাৰ পৰা গৌৰীসাগৰ কালিয়াৰ খেদাও কৰি এই প্ৰতিবাদ সভাৰ আয়োজন কৰে। ৰাষ্ট্ৰীয় ঘাইপথ অৱৰোধ কৰি প্ৰতিবাদকাৰীসকলে তেওঁলোকৰ দাবী পূৰণৰ বাবে চৰকাৰক আহ্বান জনায়।

দেশৰ ভৰণ প্ৰশিক্ষকসকলৰ ঠাকুৰ পুৱাৰ পৰা গৌৰীসাগৰ কালিয়াৰ খেদাও কৰি এই প্ৰতিবাদ সভাৰ আয়োজন কৰে। ৰাষ্ট্ৰীয় ঘাইপথ অৱৰোধ কৰি প্ৰতিবাদকাৰীসকলে তেওঁলোকৰ দাবী পূৰণৰ বাবে চৰকাৰক আহ্বান জনায়।

দেশৰ ভৰণ প্ৰশিক্ষকসকলৰ ঠাকুৰ পুৱাৰ পৰা গৌৰীসাগৰ কালিয়াৰ খেদাও কৰি এই প্ৰতিবাদ সভাৰ আয়োজন কৰে। ৰাষ্ট্ৰীয় ঘাইপথ অৱৰোধ কৰি প্ৰতিবাদকাৰীসকলে তেওঁলোকৰ দাবী পূৰণৰ বাবে চৰকাৰক আহ্বান জনায়।

দেশৰ ভৰণ প্ৰশিক্ষকসকলৰ ঠাকুৰ পুৱাৰ পৰা গৌৰীসাগৰ কালিয়াৰ খেদাও কৰি এই প্ৰতিবাদ সভাৰ আয়োজন কৰে। ৰাষ্ট্ৰীয় ঘাইপথ অৱৰোধ কৰি প্ৰতিবাদকাৰীসকলে তেওঁলোকৰ দাবী পূৰণৰ বাবে চৰকাৰক আহ্বান জনায়।

কংগ্ৰেছ দুৰাৰোগ্য ৰোগত...

প্ৰেছক্লাবত মন্ত্ৰী যোগা দুৰাৰোগ্য ৰোগত আক্ৰান্ত বুলি মন্তব্য কৰে। আজি শিলচৰ নিৰ্বাচনী সভাত তেওঁ বিৰোধী দলক তীব্ৰ আক্ৰমণ কৰে আৰু অহা নিৰ্বাচনত বিজেপিয়ে বিপুল সংখ্যাগৰিষ্ঠতাৰে জয়লাভ কৰিব বুলি আশা প্ৰকাশ কৰে।

প্ৰেছক্লাবত মন্ত্ৰী যোগা দুৰাৰোগ্য ৰোগত আক্ৰান্ত বুলি মন্তব্য কৰে। আজি শিলচৰ নিৰ্বাচনী সভাত তেওঁ বিৰোধী দলক তীব্ৰ আক্ৰমণ কৰে আৰু অহা নিৰ্বাচনত বিজেপিয়ে বিপুল সংখ্যাগৰিষ্ঠতাৰে জয়লাভ কৰিব বুলি আশা প্ৰকাশ কৰে।

প্ৰেছক্লাবত মন্ত্ৰী যোগা দুৰাৰোগ্য ৰোগত আক্ৰান্ত বুলি মন্তব্য কৰে। আজি শিলচৰ নিৰ্বাচনী সভাত তেওঁ বিৰোধী দলক তীব্ৰ আক্ৰমণ কৰে আৰু অহা নিৰ্বাচনত বিজেপিয়ে বিপুল সংখ্যাগৰিষ্ঠতাৰে জয়লাভ কৰিব বুলি আশা প্ৰকাশ কৰে।

প্ৰেছক্লাবত মন্ত্ৰী যোগা দুৰাৰোগ্য ৰোগত আক্ৰান্ত বুলি মন্তব্য কৰে। আজি শিলচৰ নিৰ্বাচনী সভাত তেওঁ বিৰোধী দলক তীব্ৰ আক্ৰমণ কৰে আৰু অহা নিৰ্বাচনত বিজেপিয়ে বিপুল সংখ্যাগৰিষ্ঠতাৰে জয়লাভ কৰিব বুলি আশা প্ৰকাশ কৰে।

জৰাজীৰ্ণ বাঁহৰ দলঙৰ...

চিকিৎসালয়লৈ ৰোগী আনিব লগীয়া হৈছে। ঠিকাদাৰে দলংখনৰ কাম আৰম্ভ কৰিলেও বৰ্তমানলৈকে সম্পূৰ্ণ কৰা নাই। ইয়াৰ ফলত অঞ্চলটোৰ ৰাইজে দুৰ্ভোগ ভুগিবলগীয়া হৈছে।

চিকিৎসালয়লৈ ৰোগী আনিব লগীয়া হৈছে। ঠিকাদাৰে দলংখনৰ কাম আৰম্ভ কৰিলেও বৰ্তমানলৈকে সম্পূৰ্ণ কৰা নাই। ইয়াৰ ফলত অঞ্চলটোৰ ৰাইজে দুৰ্ভোগ ভুগিবলগীয়া হৈছে।

চিকিৎসালয়লৈ ৰোগী আনিব লগীয়া হৈছে। ঠিকাদাৰে দলংখনৰ কাম আৰম্ভ কৰিলেও বৰ্তমানলৈকে সম্পূৰ্ণ কৰা নাই। ইয়াৰ ফলত অঞ্চলটোৰ ৰাইজে দুৰ্ভোগ ভুগিবলগীয়া হৈছে।
